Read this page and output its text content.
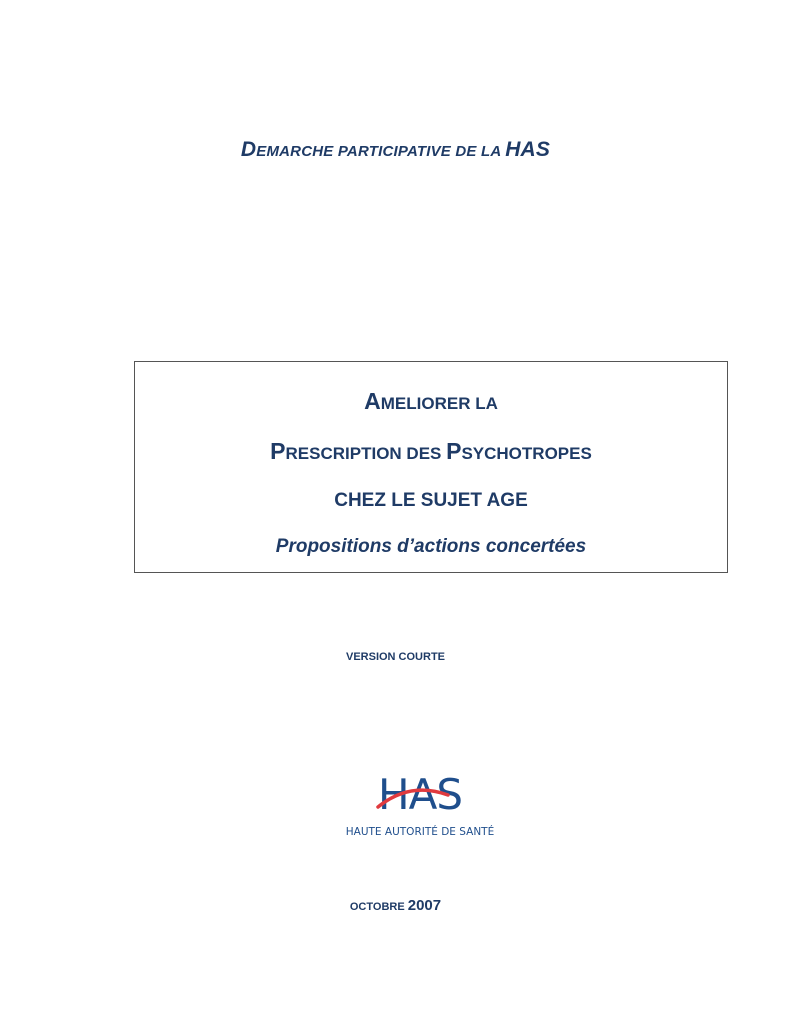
DEMARCHE PARTICIPATIVE DE LA HAS
AMELIORER LA
PRESCRIPTION DES PSYCHOTROPES
CHEZ LE SUJET AGE
Propositions d’actions concertées
VERSION COURTE
HAS
HAUTE AUTORITÉ DE SANTÉ
OCTOBRE 2007
